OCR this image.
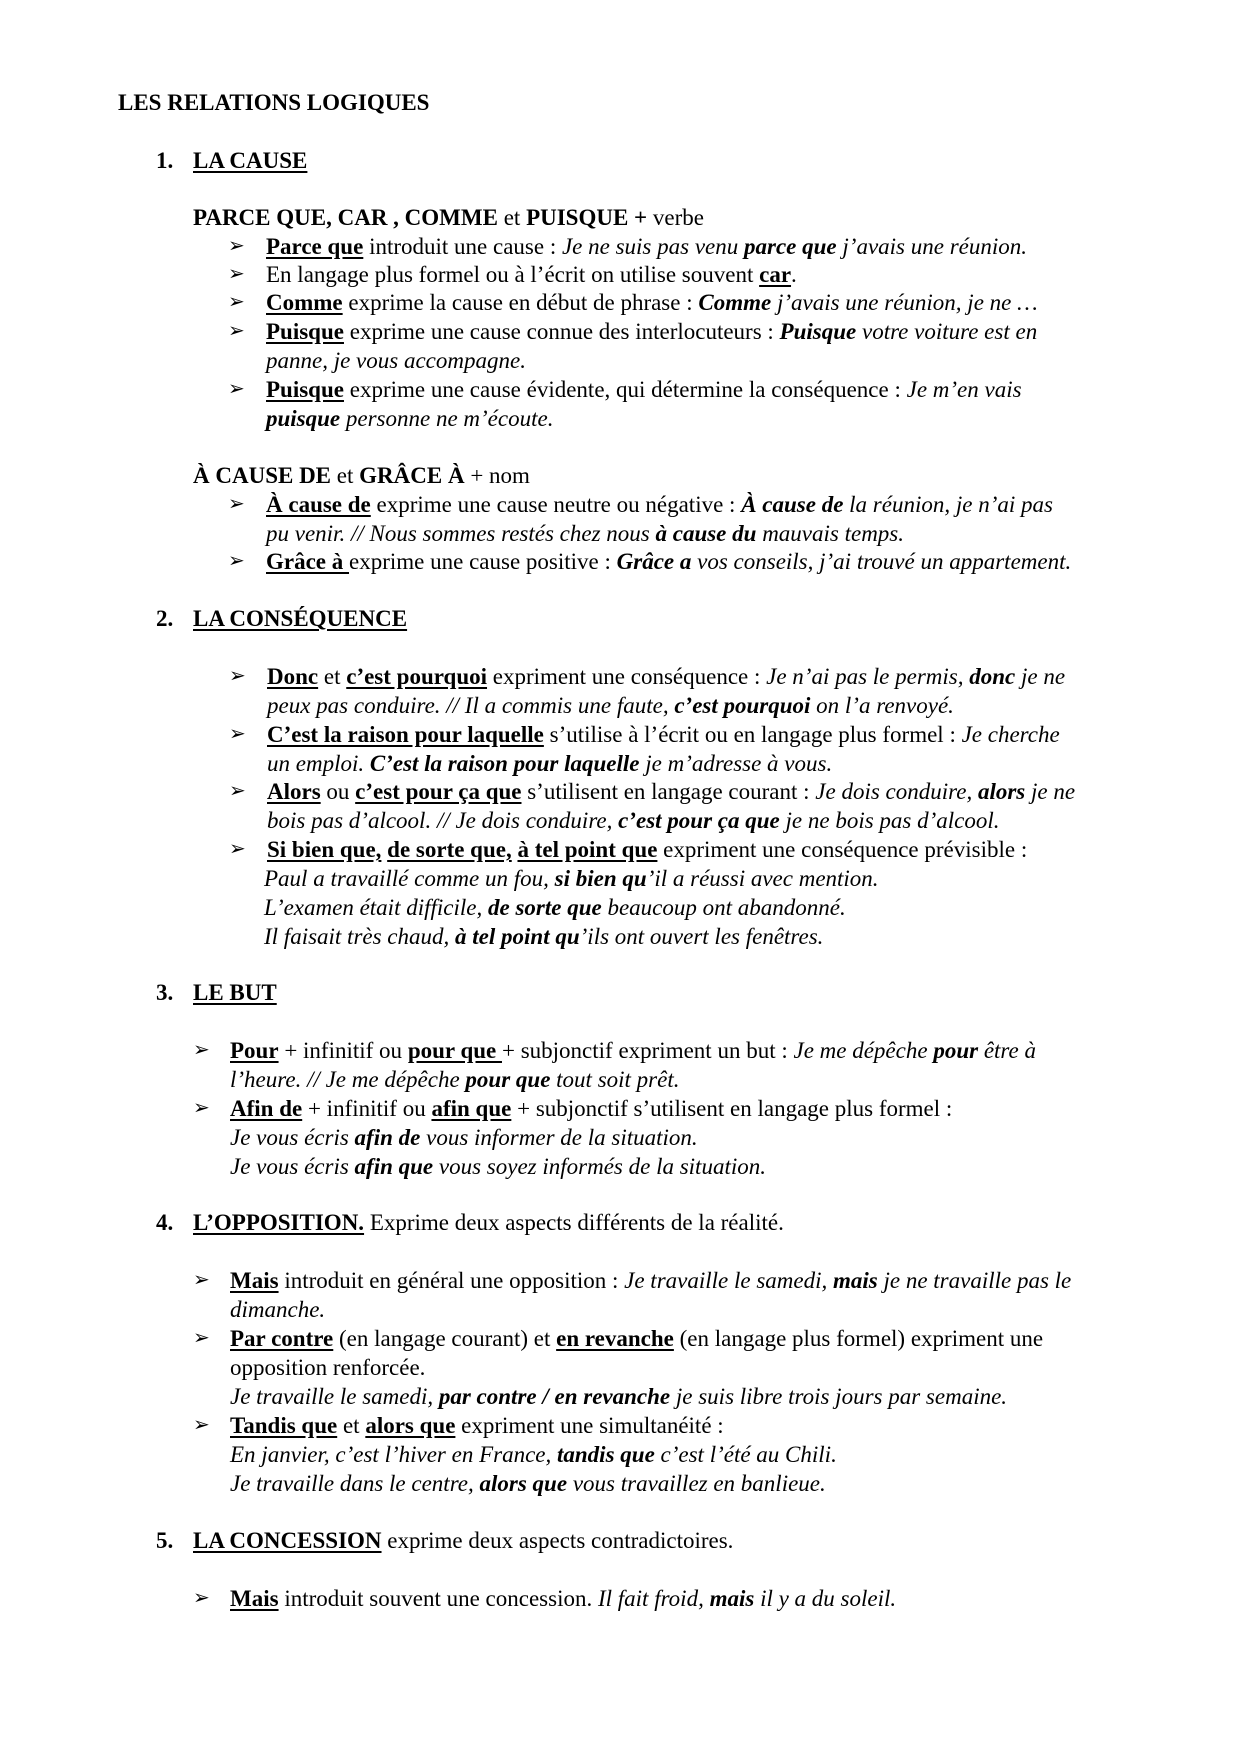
LES RELATIONS LOGIQUES
1. LA CAUSE
PARCE QUE, CAR , COMME et PUISQUE + verbe
➢ Parce que introduit une cause : Je ne suis pas venu parce que j’avais une réunion.
➢ En langage plus formel ou à l’écrit on utilise souvent car.
➢ Comme exprime la cause en début de phrase : Comme j’avais une réunion, je ne …
➢ Puisque exprime une cause connue des interlocuteurs : Puisque votre voiture est en
panne, je vous accompagne.
➢ Puisque exprime une cause évidente, qui détermine la conséquence : Je m’en vais
puisque personne ne m’écoute.
À CAUSE DE et GRÂCE À + nom
➢ À cause de exprime une cause neutre ou négative : À cause de la réunion, je n’ai pas
pu venir. // Nous sommes restés chez nous à cause du mauvais temps.
➢ Grâce à exprime une cause positive : Grâce a vos conseils, j’ai trouvé un appartement.
2. LA CONSÉQUENCE
➢ Donc et c’est pourquoi expriment une conséquence : Je n’ai pas le permis, donc je ne
peux pas conduire. // Il a commis une faute, c’est pourquoi on l’a renvoyé.
➢ C’est la raison pour laquelle s’utilise à l’écrit ou en langage plus formel : Je cherche
un emploi. C’est la raison pour laquelle je m’adresse à vous.
➢ Alors ou c’est pour ça que s’utilisent en langage courant : Je dois conduire, alors je ne
bois pas d’alcool. // Je dois conduire, c’est pour ça que je ne bois pas d’alcool.
➢ Si bien que, de sorte que, à tel point que expriment une conséquence prévisible :
Paul a travaillé comme un fou, si bien qu’il a réussi avec mention.
L’examen était difficile, de sorte que beaucoup ont abandonné.
Il faisait très chaud, à tel point qu’ils ont ouvert les fenêtres.
3. LE BUT
➢ Pour + infinitif ou pour que + subjonctif expriment un but : Je me dépêche pour être à
l’heure. // Je me dépêche pour que tout soit prêt.
➢ Afin de + infinitif ou afin que + subjonctif s’utilisent en langage plus formel :
Je vous écris afin de vous informer de la situation.
Je vous écris afin que vous soyez informés de la situation.
4. L’OPPOSITION. Exprime deux aspects différents de la réalité.
➢ Mais introduit en général une opposition : Je travaille le samedi, mais je ne travaille pas le
dimanche.
➢ Par contre (en langage courant) et en revanche (en langage plus formel) expriment une
opposition renforcée.
Je travaille le samedi, par contre / en revanche je suis libre trois jours par semaine.
➢ Tandis que et alors que expriment une simultanéité :
En janvier, c’est l’hiver en France, tandis que c’est l’été au Chili.
Je travaille dans le centre, alors que vous travaillez en banlieue.
5. LA CONCESSION exprime deux aspects contradictoires.
➢ Mais introduit souvent une concession. Il fait froid, mais il y a du soleil.
